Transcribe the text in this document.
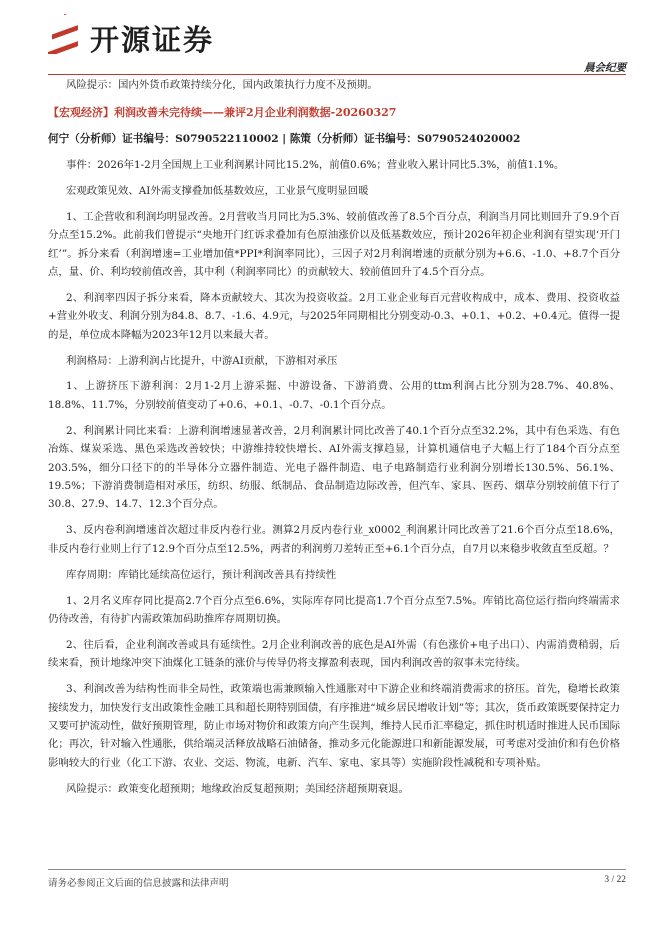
开源证券
晨会纪要

风险提示：国内外货币政策持续分化，国内政策执行力度不及预期。

【宏观经济】利润改善未完待续——兼评2月企业利润数据-20260327

何宁（分析师）证书编号：S0790522110002 | 陈策（分析师）证书编号：S0790524020002

事件：2026年1-2月全国规上工业利润累计同比15.2%，前值0.6%；营业收入累计同比5.3%，前值1.1%。

宏观政策见效、AI外需支撑叠加低基数效应，工业景气度明显回暖

1、工企营收和利润均明显改善。2月营收当月同比为5.3%、较前值改善了8.5个百分点，利润当月同比则回升了9.9个百分点至15.2%。此前我们曾提示“央地开门红诉求叠加有色原油涨价以及低基数效应，预计2026年初企业利润有望实现‘开门红’”。拆分来看（利润增速=工业增加值*PPI*利润率同比），三因子对2月利润增速的贡献分别为+6.6、-1.0、+8.7个百分点，量、价、利均较前值改善，其中利（利润率同比）的贡献较大、较前值回升了4.5个百分点。

2、利润率四因子拆分来看，降本贡献较大、其次为投资收益。2月工业企业每百元营收构成中，成本、费用、投资收益+营业外收支、利润分别为84.8、8.7、-1.6、4.9元，与2025年同期相比分别变动-0.3、+0.1、+0.2、+0.4元。值得一提的是，单位成本降幅为2023年12月以来最大者。

利润格局：上游利润占比提升，中游AI贡献，下游相对承压

1、上游挤压下游利润：2月1-2月上游采掘、中游设备、下游消费、公用的ttm利润占比分别为28.7%、40.8%、18.8%、11.7%，分别较前值变动了+0.6、+0.1、-0.7、-0.1个百分点。

2、利润累计同比来看：上游利润增速显著改善，2月利润累计同比改善了40.1个百分点至32.2%，其中有色采选、有色冶炼、煤炭采选、黑色采选改善较快；中游维持较快增长、AI外需支撑趋显，计算机通信电子大幅上行了184个百分点至203.5%，细分口径下的的半导体分立器件制造、光电子器件制造、电子电路制造行业利润分别增长130.5%、56.1%、19.5%；下游消费制造相对承压，纺织、纺服、纸制品、食品制造边际改善，但汽车、家具、医药、烟草分别较前值下行了30.8、27.9、14.7、12.3个百分点。

3、反内卷利润增速首次超过非反内卷行业。测算2月反内卷行业_x0002_利润累计同比改善了21.6个百分点至18.6%，非反内卷行业则上行了12.9个百分点至12.5%，两者的利润剪刀差转正至+6.1个百分点，自7月以来稳步收敛直至反超。？

库存周期：库销比延续高位运行，预计利润改善具有持续性

1、2月名义库存同比提高2.7个百分点至6.6%，实际库存同比提高1.7个百分点至7.5%。库销比高位运行指向终端需求仍待改善，有待扩内需政策加码助推库存周期切换。

2、往后看，企业利润改善或具有延续性。2月企业利润改善的底色是AI外需（有色涨价+电子出口）、内需消费稍弱，后续来看，预计地缘冲突下油煤化工链条的涨价与传导仍将支撑盈利表现，国内利润改善的叙事未完待续。

3、利润改善为结构性而非全局性，政策端也需兼顾输入性通胀对中下游企业和终端消费需求的挤压。首先，稳增长政策接续发力，加快发行支出政策性金融工具和超长期特别国债，有序推进“城乡居民增收计划”等；其次，货币政策既要保持定力又要可护流动性，做好预期管理，防止市场对物价和政策方向产生误判，维持人民币汇率稳定，抓住时机适时推进人民币国际化；再次，针对输入性通胀，供给端灵活释放战略石油储备，推动多元化能源进口和新能源发展，可考虑对受油价和有色价格影响较大的行业（化工下游、农业、交运、物流，电新、汽车、家电、家具等）实施阶段性减税和专项补贴。

风险提示：政策变化超预期；地缘政治反复超预期；美国经济超预期衰退。

请务必参阅正文后面的信息披露和法律声明	3 / 22
